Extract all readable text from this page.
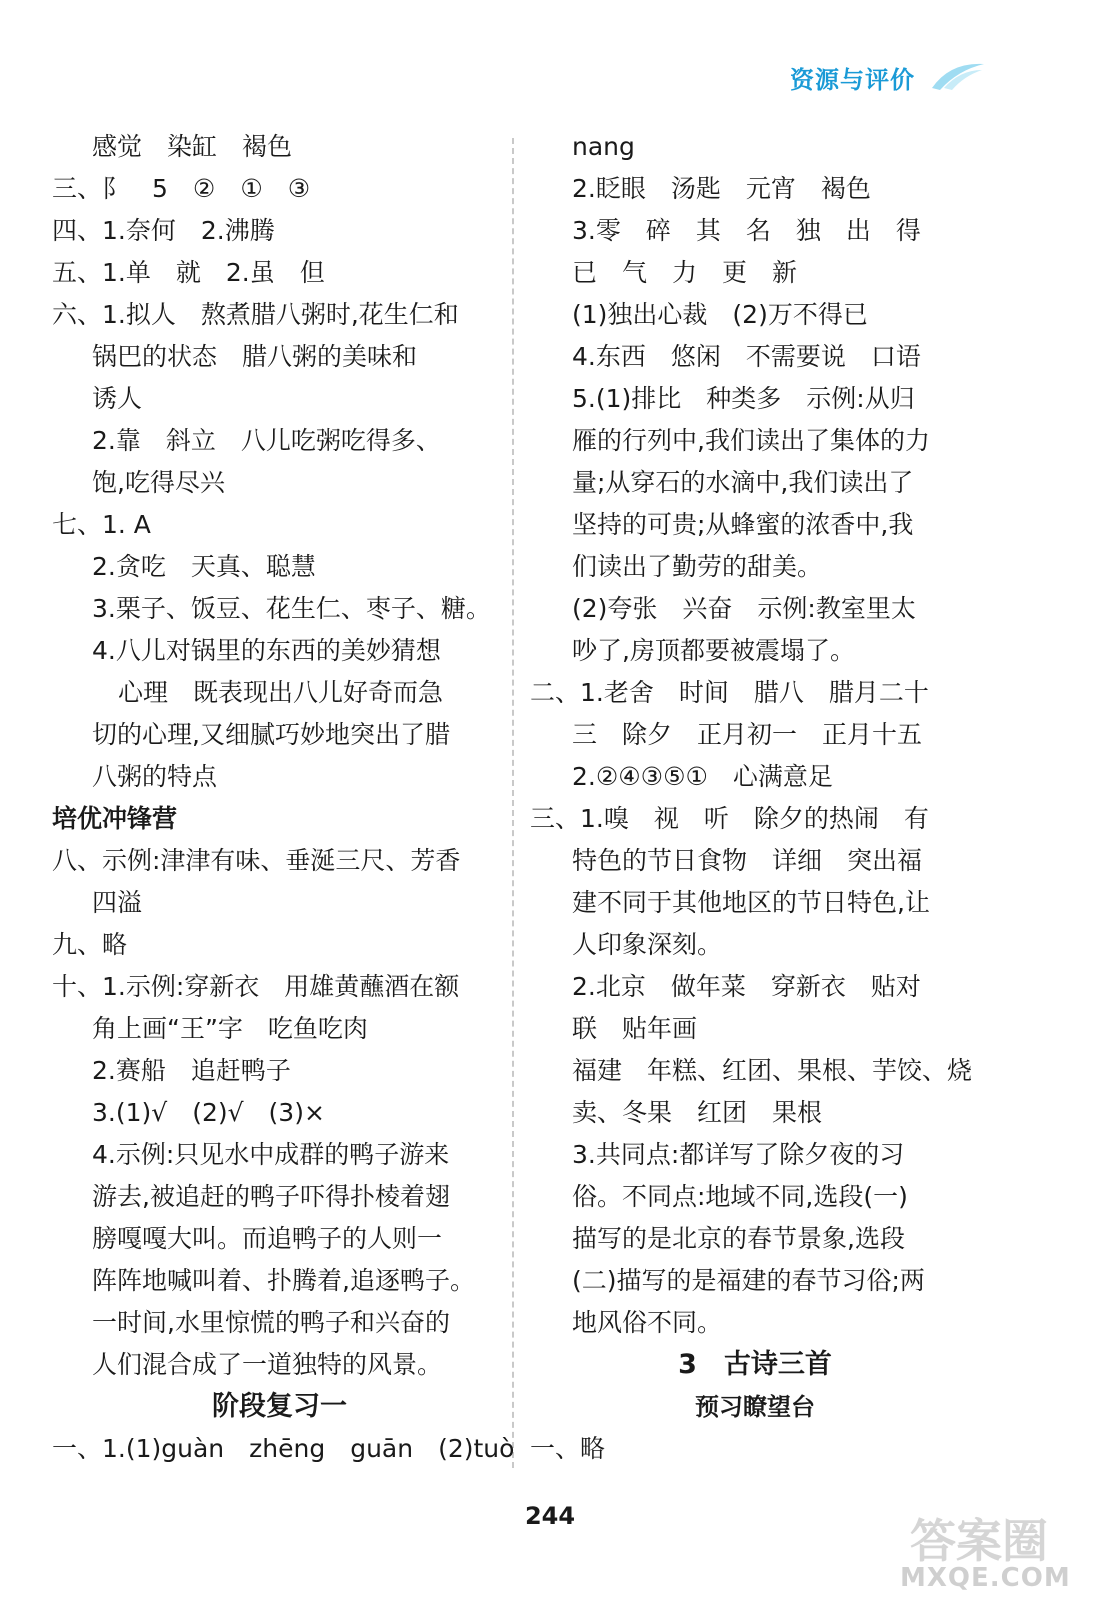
资源与评价
感觉　染缸　褐色
三、阝　5　②　①　③
四、1.奈何　2.沸腾
五、1.单　就　2.虽　但
六、1.拟人　熬煮腊八粥时,花生仁和
锅巴的状态　腊八粥的美味和
诱人
2.靠　斜立　八儿吃粥吃得多、
饱,吃得尽兴
七、1. A
2.贪吃　天真、聪慧
3.栗子、饭豆、花生仁、枣子、糖。
4.八儿对锅里的东西的美妙猜想
心理　既表现出八儿好奇而急
切的心理,又细腻巧妙地突出了腊
八粥的特点
培优冲锋营
八、示例:津津有味、垂涎三尺、芳香
四溢
九、略
十、1.示例:穿新衣　用雄黄蘸酒在额
角上画“王”字　吃鱼吃肉
2.赛船　追赶鸭子
3.(1)√　(2)√　(3)×
4.示例:只见水中成群的鸭子游来
游去,被追赶的鸭子吓得扑棱着翅
膀嘎嘎大叫。而追鸭子的人则一
阵阵地喊叫着、扑腾着,追逐鸭子。
一时间,水里惊慌的鸭子和兴奋的
人们混合成了一道独特的风景。
阶段复习一
一、1.(1)guàn　zhēng　guān　(2)tuò
nang
2.眨眼　汤匙　元宵　褐色
3.零　碎　其　名　独　出　得
已　气　力　更　新
(1)独出心裁　(2)万不得已
4.东西　悠闲　不需要说　口语
5.(1)排比　种类多　示例:从归
雁的行列中,我们读出了集体的力
量;从穿石的水滴中,我们读出了
坚持的可贵;从蜂蜜的浓香中,我
们读出了勤劳的甜美。
(2)夸张　兴奋　示例:教室里太
吵了,房顶都要被震塌了。
二、1.老舍　时间　腊八　腊月二十
三　除夕　正月初一　正月十五
2.②④③⑤①　心满意足
三、1.嗅　视　听　除夕的热闹　有
特色的节日食物　详细　突出福
建不同于其他地区的节日特色,让
人印象深刻。
2.北京　做年菜　穿新衣　贴对
联　贴年画
福建　年糕、红团、果根、芋饺、烧
卖、冬果　红团　果根
3.共同点:都详写了除夕夜的习
俗。不同点:地域不同,选段(一)
描写的是北京的春节景象,选段
(二)描写的是福建的春节习俗;两
地风俗不同。
3　古诗三首
预习瞭望台
一、略
244	答案圈
MXQE.COM
